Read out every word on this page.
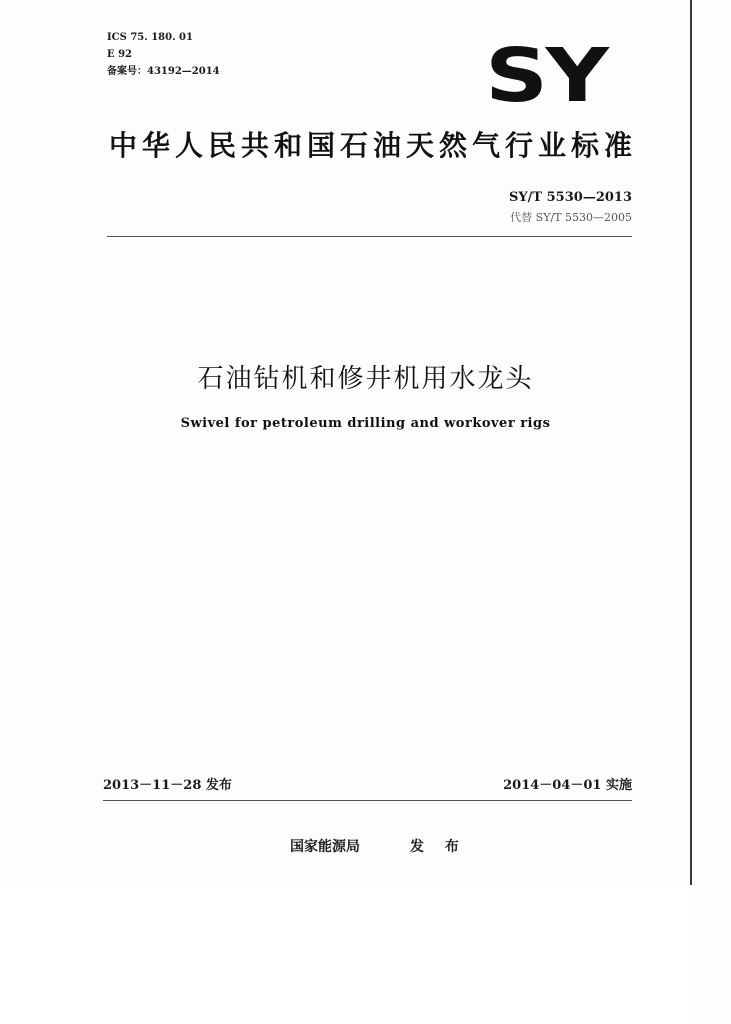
ICS 75. 180. 01
E 92
备案号：43192—2014	SY
中华人民共和国石油天然气行业标准
SY/T 5530—2013
代替 SY/T 5530—2005
石油钻机和修井机用水龙头
Swivel for petroleum drilling and workover rigs
2013－11－28 发布	2014－04－01 实施
国家能源局	发 布
